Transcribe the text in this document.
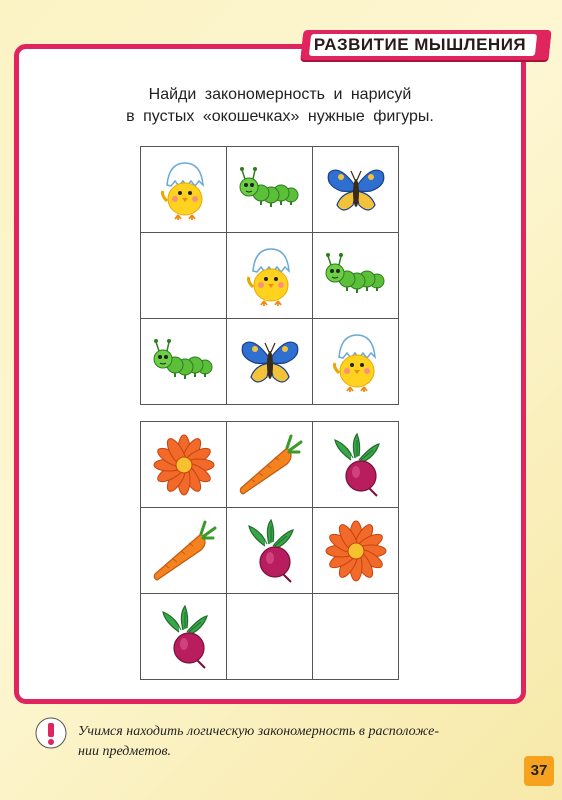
РАЗВИТИЕ МЫШЛЕНИЯ
Найди закономерность и нарисуй
в пустых «окошечках» нужные фигуры.
Учимся находить логическую закономерность в расположе-
нии предметов.
37
